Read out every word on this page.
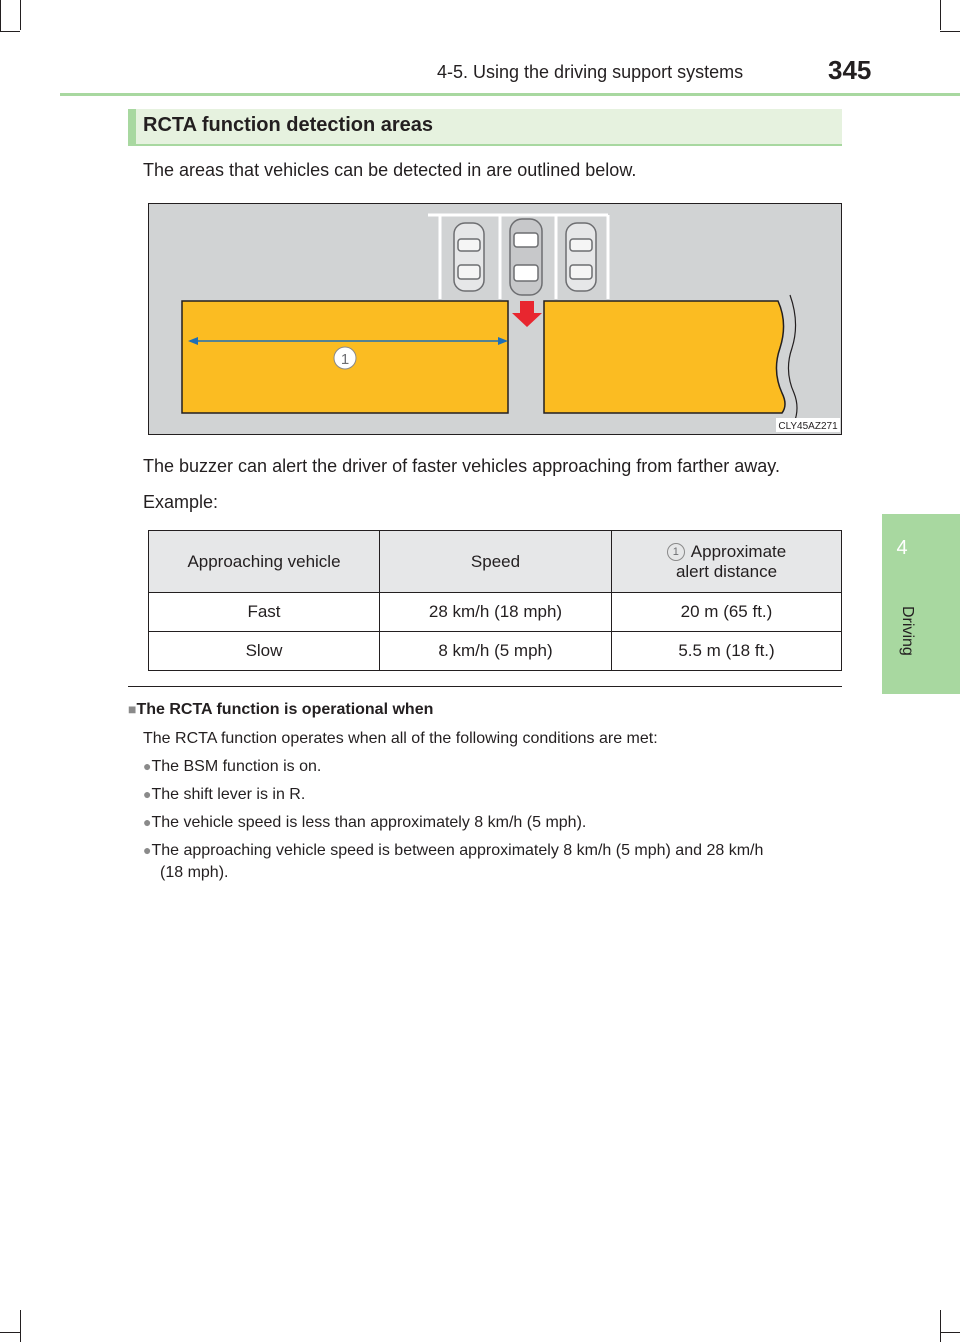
4-5. Using the driving support systems	345
4
Driving
RCTA function detection areas
The areas that vehicles can be detected in are outlined below.
1
CLY45AZ271
The buzzer can alert the driver of faster vehicles approaching from farther away.
Example:
Approaching vehicle	Speed	1 Approximate
alert distance
Fast	28 km/h (18 mph)	20 m (65 ft.)
Slow	8 km/h (5 mph)	5.5 m (18 ft.)
■The RCTA function is operational when
The RCTA function operates when all of the following conditions are met:
●The BSM function is on.
●The shift lever is in R.
●The vehicle speed is less than approximately 8 km/h (5 mph).
●The approaching vehicle speed is between approximately 8 km/h (5 mph) and 28 km/h
(18 mph).
